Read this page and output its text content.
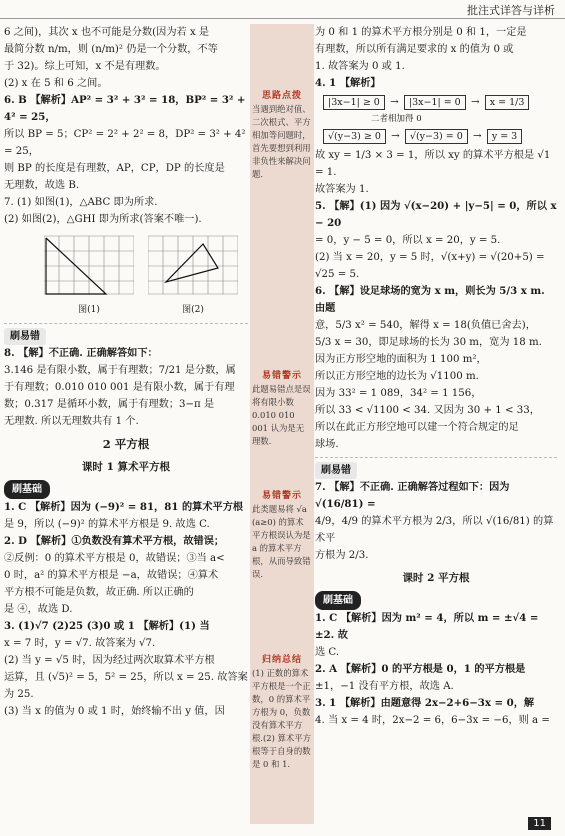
批注式详答与详析

6 之间)，其次 x 也不可能是分数(因为若 x 是

最简分数 n/m，则 (n/m)² 仍是一个分数，不等

于 32)。综上可知，x 不是有理数。

(2) x 在 5 和 6 之间。

6. B 【解析】AP² = 3² + 3² = 18，BP² = 3² + 4² = 25，

所以 BP = 5；CP² = 2² + 2² = 8，DP² = 3² + 4² = 25，

则 BP 的长度是有理数，AP，CP，DP 的长度是

无理数，故选 B.

7. (1) 如图(1)，△ABC 即为所求.

(2) 如图(2)，△GHI 即为所求(答案不唯一).

图(1)	图(2)
刷易错

8. 【解】不正确. 正确解答如下：

3.146 是有限小数，属于有理数；7/21 是分数，属

于有理数；0.010 010 001 是有限小数，属于有理

数；0.317 是循环小数，属于有理数；3−π 是

无理数. 所以无理数共有 1 个.

2 平方根
课时 1 算术平方根
刷基础

1. C 【解析】因为 (−9)² = 81，81 的算术平方根

是 9，所以 (−9)² 的算术平方根是 9. 故选 C.

2. D 【解析】①负数没有算术平方根，故错误；

②反例：0 的算术平方根是 0，故错误；③当 a<

0 时，a² 的算术平方根是 −a，故错误；④算术

平方根不可能是负数，故正确. 所以正确的

是 ④，故选 D.

3. (1)√7 (2)25 (3)0 或 1 【解析】(1) 当

x = 7 时，y = √7. 故答案为 √7.

(2) 当 y = √5 时，因为经过两次取算术平方根

运算，且 (√5)² = 5，5² = 25，所以 x = 25. 故答案

为 25.

(3) 当 x 的值为 0 或 1 时，始终输不出 y 值，因

思路点拨
当遇到绝对值、二次根式、平方相加等问题时，首先要想到利用非负性来解决问题.
易错警示
此题易错点是误将有限小数 0.010 010 001 认为是无理数.
易错警示
此类题易将 √a (a≥0) 的算术平方根误认为是 a 的算术平方根，从而导致错误.
归纳总结
(1) 正数的算术平方根是一个正数，0 的算术平方根为 0，负数没有算术平方根.(2) 算术平方根等于自身的数是 0 和 1.

为 0 和 1 的算术平方根分别是 0 和 1，一定是

有理数，所以所有满足要求的 x 的值为 0 或

1. 故答案为 0 或 1.

4. 1 【解析】

|3x−1| ≥ 0 → |3x−1| = 0 → x = 1/3
二者相加得 0
√(y−3) ≥ 0 → √(y−3) = 0 → y = 3

故 xy = 1/3 × 3 = 1，所以 xy 的算术平方根是 √1 = 1.

故答案为 1.

5. 【解】(1) 因为 √(x−20) + |y−5| = 0，所以 x − 20

= 0，y − 5 = 0，所以 x = 20，y = 5.

(2) 当 x = 20，y = 5 时，√(x+y) = √(20+5) =

√25 = 5.

6. 【解】设足球场的宽为 x m，则长为 5/3 x m. 由题

意，5/3 x² = 540，解得 x = 18(负值已舍去)，

5/3 x = 30，即足球场的长为 30 m，宽为 18 m.

因为正方形空地的面积为 1 100 m²，

所以正方形空地的边长为 √1100 m.

因为 33² = 1 089，34² = 1 156，

所以 33 < √1100 < 34. 又因为 30 + 1 < 33，

所以在此正方形空地可以建一个符合规定的足

球场.

刷易错

7. 【解】不正确. 正确解答过程如下：因为 √(16/81) =

4/9，4/9 的算术平方根为 2/3，所以 √(16/81) 的算术平

方根为 2/3.

课时 2 平方根
刷基础

1. C 【解析】因为 m² = 4，所以 m = ±√4 = ±2. 故

选 C.

2. A 【解析】0 的平方根是 0，1 的平方根是

±1，−1 没有平方根，故选 A.

3. 1 【解析】由题意得 2x−2+6−3x = 0，解

4. 当 x = 4 时，2x−2 = 6，6−3x = −6，则 a =

11
